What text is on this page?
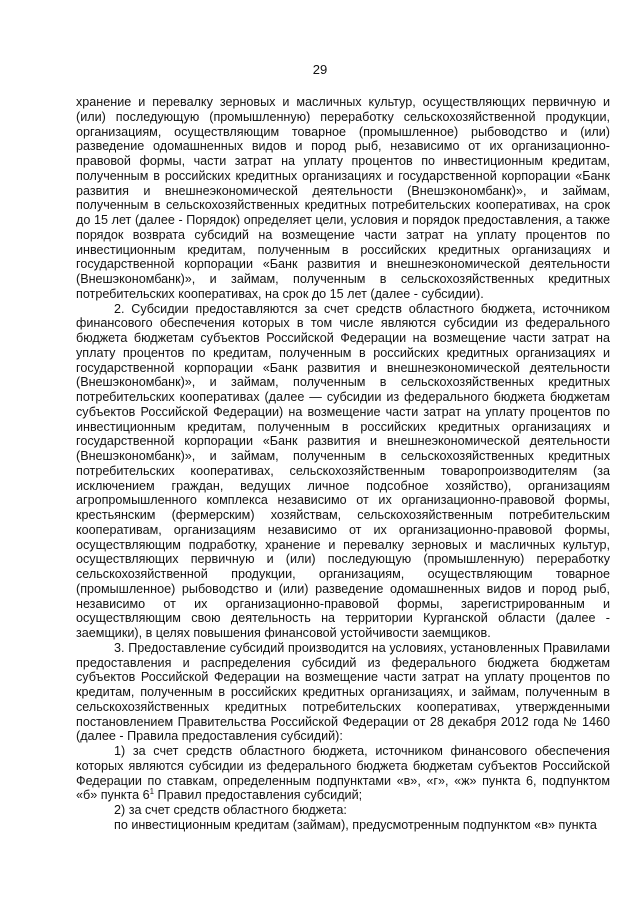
29

хранение и перевалку зерновых и масличных культур, осуществляющих первичную и (или) последующую (промышленную) переработку сельскохозяйственной продукции, организациям, осуществляющим товарное (промышленное) рыбоводство и (или) разведение одомашненных видов и пород рыб, независимо от их организационно-правовой формы, части затрат на уплату процентов по инвестиционным кредитам, полученным в российских кредитных организациях и государственной корпорации «Банк развития и внешнеэкономической деятельности (Внешэкономбанк)», и займам, полученным в сельскохозяйственных кредитных потребительских кооперативах, на срок до 15 лет (далее - Порядок) определяет цели, условия и порядок предоставления, а также порядок возврата субсидий на возмещение части затрат на уплату процентов по инвестиционным кредитам, полученным в российских кредитных организациях и государственной корпорации «Банк развития и внешнеэкономической деятельности (Внешэкономбанк)», и займам, полученным в сельскохозяйственных кредитных потребительских кооперативах, на срок до 15 лет (далее - субсидии).

2. Субсидии предоставляются за счет средств областного бюджета, источником финансового обеспечения которых в том числе являются субсидии из федерального бюджета бюджетам субъектов Российской Федерации на возмещение части затрат на уплату процентов по кредитам, полученным в российских кредитных организациях и государственной корпорации «Банк развития и внешнеэкономической деятельности (Внешэкономбанк)», и займам, полученным в сельскохозяйственных кредитных потребительских кооперативах (далее — субсидии из федерального бюджета бюджетам субъектов Российской Федерации) на возмещение части затрат на уплату процентов по инвестиционным кредитам, полученным в российских кредитных организациях и государственной корпорации «Банк развития и внешнеэкономической деятельности (Внешэкономбанк)», и займам, полученным в сельскохозяйственных кредитных потребительских кооперативах, сельскохозяйственным товаропроизводителям (за исключением граждан, ведущих личное подсобное хозяйство), организациям агропромышленного комплекса независимо от их организационно-правовой формы, крестьянским (фермерским) хозяйствам, сельскохозяйственным потребительским кооперативам, организациям независимо от их организационно-правовой формы, осуществляющим подработку, хранение и перевалку зерновых и масличных культур, осуществляющих первичную и (или) последующую (промышленную) переработку сельскохозяйственной продукции, организациям, осуществляющим товарное (промышленное) рыбоводство и (или) разведение одомашненных видов и пород рыб, независимо от их организационно-правовой формы, зарегистрированным и осуществляющим свою деятельность на территории Курганской области (далее - заемщики), в целях повышения финансовой устойчивости заемщиков.

3. Предоставление субсидий производится на условиях, установленных Правилами предоставления и распределения субсидий из федерального бюджета бюджетам субъектов Российской Федерации на возмещение части затрат на уплату процентов по кредитам, полученным в российских кредитных организациях, и займам, полученным в сельскохозяйственных кредитных потребительских кооперативах, утвержденными постановлением Правительства Российской Федерации от 28 декабря 2012 года № 1460 (далее - Правила предоставления субсидий):

1) за счет средств областного бюджета, источником финансового обеспечения которых являются субсидии из федерального бюджета бюджетам субъектов Российской Федерации по ставкам, определенным подпунктами «в», «г», «ж» пункта 6, подпунктом «б» пункта $6^1$ Правил предоставления субсидий;

2) за счет средств областного бюджета:

по инвестиционным кредитам (займам), предусмотренным подпунктом «в» пункта
